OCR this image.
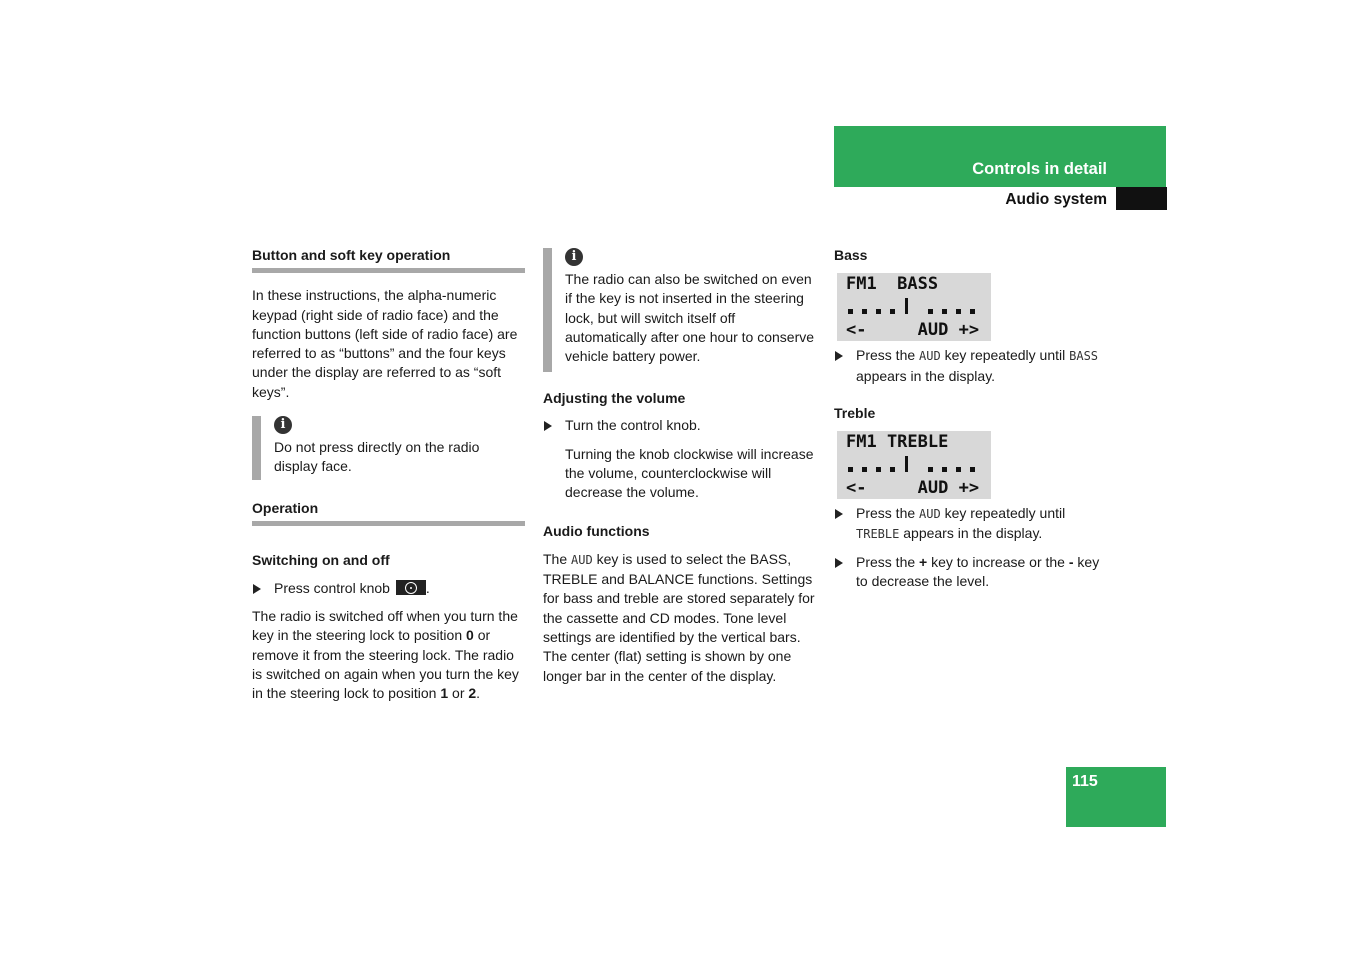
Controls in detail
Audio system
115

Button and soft key operation

In these instructions, the alpha-numeric keypad (right side of radio face) and the function buttons (left side of radio face) are referred to as “buttons” and the four keys under the display are referred to as “soft keys”.

i

Do not press directly on the radio display face.

Operation

Switching on and off

Press control knob	.

The radio is switched off when you turn the key in the steering lock to position 0 or remove it from the steering lock. The radio is switched on again when you turn the key in the steering lock to position 1 or 2.

i

The radio can also be switched on even if the key is not inserted in the steering lock, but will switch itself off automatically after one hour to conserve vehicle battery power.

Adjusting the volume

Turn the control knob.

Turning the knob clockwise will increase the volume, counterclockwise will decrease the volume.

Audio functions

The AUD key is used to select the BASS, TREBLE and BALANCE functions. Settings for bass and treble are stored separately for the cassette and CD modes. Tone level settings are identified by the vertical bars. The center (flat) setting is shown by one longer bar in the center of the display.

Bass

FM1  BASS
<-     AUD +>
Press the AUD key repeatedly until BASS appears in the display.

Treble

FM1 TREBLE
<-     AUD +>
Press the AUD key repeatedly until TREBLE appears in the display.
Press the + key to increase or the - key to decrease the level.
